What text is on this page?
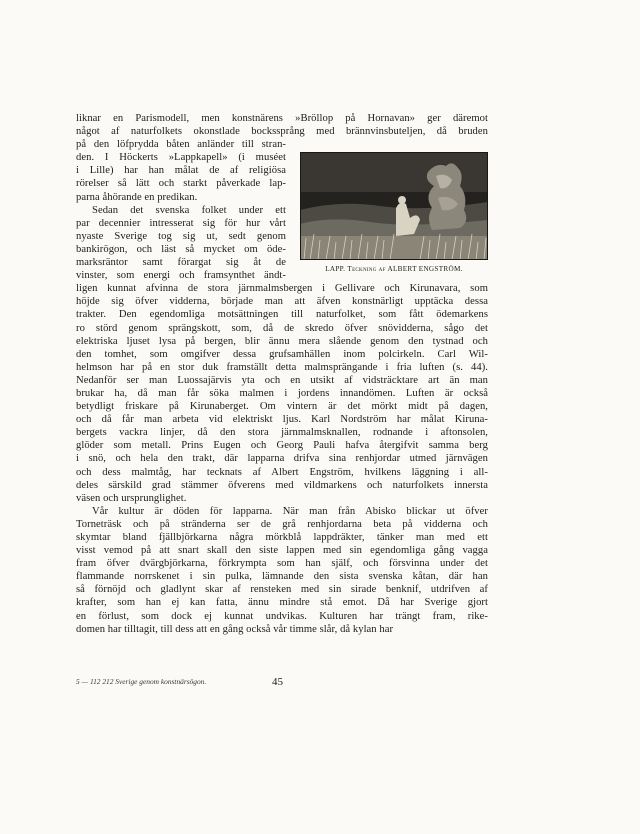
liknar en Parismodell, men konstnärens »Bröllop på Hornavan» ger däremot
något af naturfolkets okonstlade bockssprång med brännvinsbuteljen, då bruden
på den löfprydda båten anländer till stran-
den. I Höckerts »Lappkapell» (i muséet
i Lille) har han målat de af religiösa
rörelser så lätt och starkt påverkade lap-
parna åhörande en predikan.
Sedan det svenska folket under ett
par decennier intresserat sig för hur vårt
nyaste Sverige tog sig ut, sedt genom
bankirögon, och läst så mycket om öde-
marksräntor samt förargat sig åt de
vinster, som energi och framsynthet ändt-
ligen kunnat afvinna de stora järnmalmsbergen i Gellivare och Kirunavara, som
höjde sig öfver vidderna, började man att äfven konstnärligt upptäcka dessa
trakter. Den egendomliga motsättningen till naturfolket, som fått ödemarkens
ro störd genom sprängskott, som, då de skredo öfver snövidderna, sågo det
elektriska ljuset lysa på bergen, blir ännu mera slående genom den tystnad och
den tomhet, som omgifver dessa grufsamhällen inom polcirkeln. Carl Wil-
helmson har på en stor duk framställt detta malmsprängande i fria luften (s. 44).
Nedanför ser man Luossajärvis yta och en utsikt af vidsträcktare art än man
brukar ha, då man får söka malmen i jordens innandömen. Luften är också
betydligt friskare på Kirunaberget. Om vintern är det mörkt midt på dagen,
och då får man arbeta vid elektriskt ljus. Karl Nordström har målat Kiruna-
bergets vackra linjer, då den stora järnmalmsknallen, rodnande i aftonsolen,
glöder som metall. Prins Eugen och Georg Pauli hafva återgifvit samma berg
i snö, och hela den trakt, där lapparna drifva sina renhjordar utmed järnvägen
och dess malmtåg, har tecknats af Albert Engström, hvilkens läggning i all-
deles särskild grad stämmer öfverens med vildmarkens och naturfolkets innersta
väsen och ursprunglighet.
Vår kultur är döden för lapparna. När man från Abisko blickar ut öfver
Torneträsk och på stränderna ser de grå renhjordarna beta på vidderna och
skymtar bland fjällbjörkarna några mörkblå lappdräkter, tänker man med ett
visst vemod på att snart skall den siste lappen med sin egendomliga gång vagga
fram öfver dvärgbjörkarna, förkrympta som han själf, och försvinna under det
flammande norrskenet i sin pulka, lämnande den sista svenska kåtan, där han
så förnöjd och gladlynt skar af rensteken med sin sirade benknif, utdrifven af
krafter, som han ej kan fatta, ännu mindre stå emot. Då har Sverige gjort
en förlust, som dock ej kunnat undvikas. Kulturen har trängt fram, rike-
domen har tilltagit, till dess att en gång också vår timme slår, då kylan har
LAPP. Teckning af ALBERT ENGSTRÖM.
5 — 112 212 Sverige genom konstnärsögon.	45
